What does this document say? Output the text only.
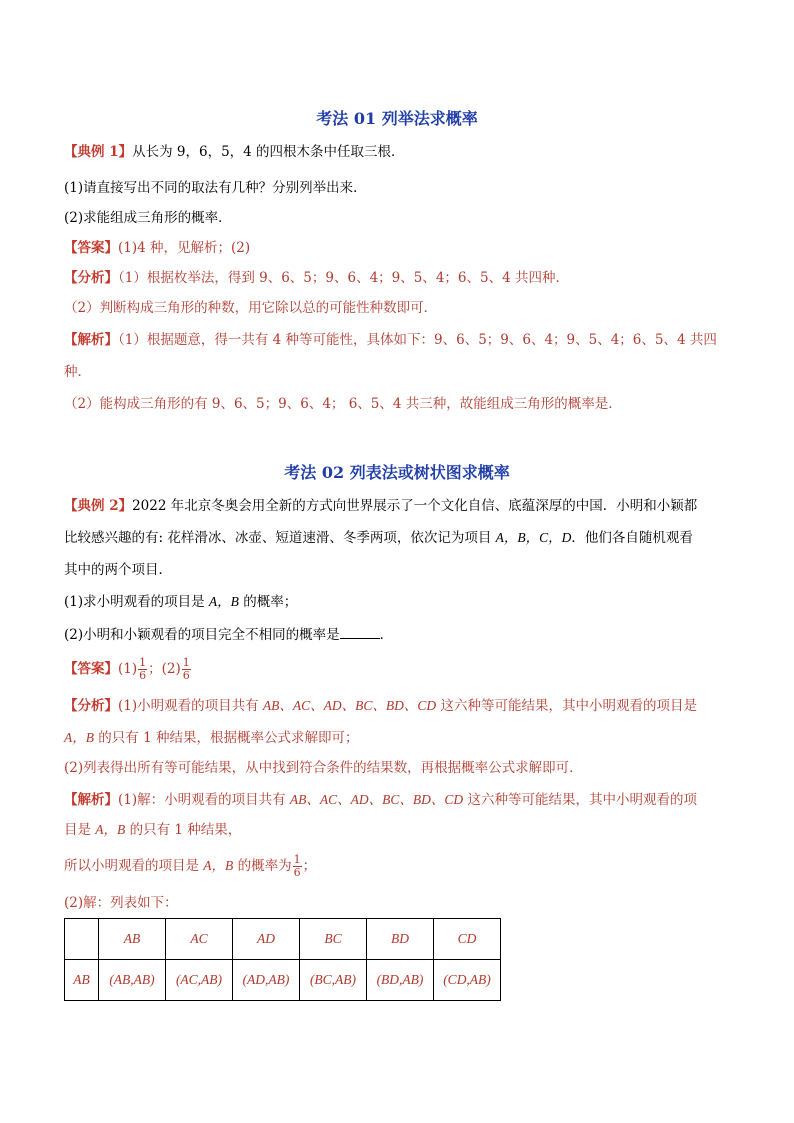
考法 01 列举法求概率
【典例 1】从长为 9，6，5，4 的四根木条中任取三根．
(1)请直接写出不同的取法有几种？分别列举出来．
(2)求能组成三角形的概率．
【答案】(1)4 种，见解析；(2)
【分析】（1）根据枚举法，得到 9、6、5；9、6、4；9、5、4；6、5、4 共四种．
（2）判断构成三角形的种数，用它除以总的可能性种数即可．
【解析】（1）根据题意，得一共有 4 种等可能性，具体如下：9、6、5；9、6、4；9、5、4；6、5、4 共四
种．
（2）能构成三角形的有 9、6、5；9、6、4； 6、5、4 共三种，故能组成三角形的概率是．
考法 02 列表法或树状图求概率
【典例 2】2022 年北京冬奥会用全新的方式向世界展示了一个文化自信、底蕴深厚的中国．小明和小颖都
比较感兴趣的有: 花样滑冰、冰壶、短道速滑、冬季两项，依次记为项目 A，B，C，D．他们各自随机观看
其中的两个项目．
(1)求小明观看的项目是 A，B 的概率；
(2)小明和小颖观看的项目完全不相同的概率是	．
【答案】$(1) \frac{1}{6}$ ；$(2) \frac{1}{6}$
【分析】(1)小明观看的项目共有 AB、AC、AD、BC、BD、CD 这六种等可能结果，其中小明观看的项目是
A，B 的只有 1 种结果，根据概率公式求解即可；
(2)列表得出所有等可能结果，从中找到符合条件的结果数，再根据概率公式求解即可．
【解析】(1)解：小明观看的项目共有 AB、AC、AD、BC、BD、CD 这六种等可能结果，其中小明观看的项
目是 A，B 的只有 1 种结果，
所以小明观看的项目是 A，B 的概率为 $\frac{1}{6}$ ；
(2)解：列表如下：
	AB	AC	AD	BC	BD	CD
AB	(AB,AB)	(AC,AB)	(AD,AB)	(BC,AB)	(BD,AB)	(CD,AB)
